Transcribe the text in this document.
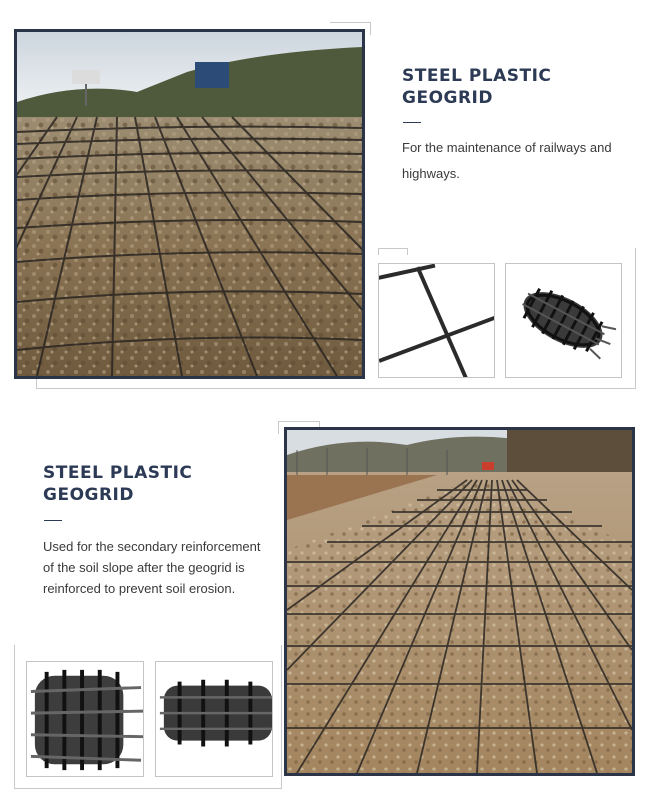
STEEL PLASTIC
GEOGRID

For the maintenance of railways and highways.

STEEL PLASTIC
GEOGRID

Used for the secondary reinforcement of the soil slope after the geogrid is reinforced to prevent soil erosion.
